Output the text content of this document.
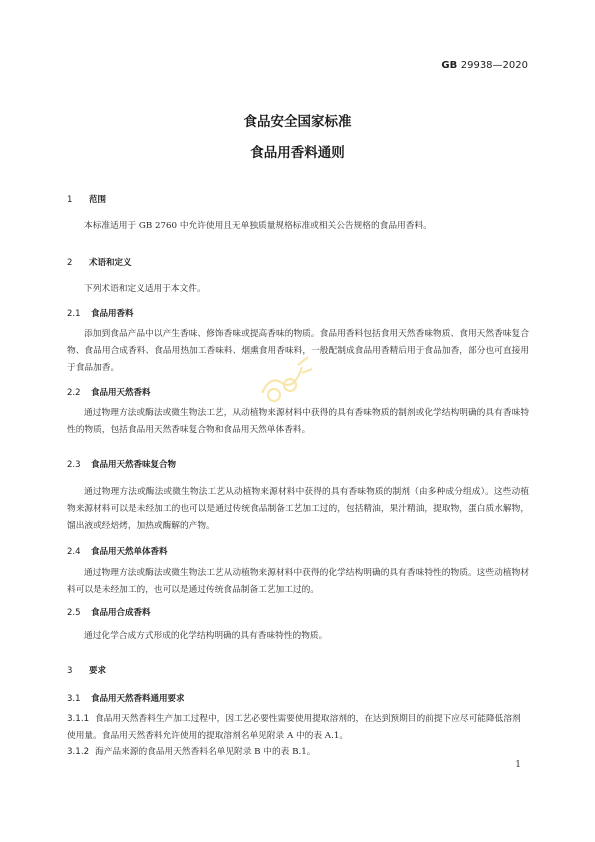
GB 29938—2020
食品安全国家标准
食品用香料通则
1 范围
本标准适用于 GB 2760 中允许使用且无单独质量规格标准或相关公告规格的食品用香料。
2 术语和定义
下列术语和定义适用于本文件。
2.1 食品用香料
添加到食品产品中以产生香味、修饰香味或提高香味的物质。食品用香料包括食用天然香味物质、食用天然香味复合物、食品用合成香料、食品用热加工香味料、烟熏食用香味料，一般配制成食品用香精后用于食品加香，部分也可直接用于食品加香。
2.2 食品用天然香料
通过物理方法或酶法或微生物法工艺，从动植物来源材料中获得的具有香味物质的制剂或化学结构明确的具有香味特性的物质，包括食品用天然香味复合物和食品用天然单体香料。
2.3 食品用天然香味复合物
通过物理方法或酶法或微生物法工艺从动植物来源材料中获得的具有香味物质的制剂（由多种成分组成）。这些动植物来源材料可以是未经加工的也可以是通过传统食品制备工艺加工过的，包括精油，果汁精油，提取物，蛋白质水解物，馏出液或经焙烤，加热或酶解的产物。
2.4 食品用天然单体香料
通过物理方法或酶法或微生物法工艺从动植物来源材料中获得的化学结构明确的具有香味特性的物质。这些动植物材料可以是未经加工的，也可以是通过传统食品制备工艺加工过的。
2.5 食品用合成香料
通过化学合成方式形成的化学结构明确的具有香味特性的物质。
3 要求
3.1 食品用天然香料通用要求
3.1.1 食品用天然香料生产加工过程中，因工艺必要性需要使用提取溶剂的，在达到预期目的前提下应尽可能降低溶剂使用量。食品用天然香料允许使用的提取溶剂名单见附录 A 中的表 A.1。
3.1.2 海产品来源的食品用天然香料名单见附录 B 中的表 B.1。
1
